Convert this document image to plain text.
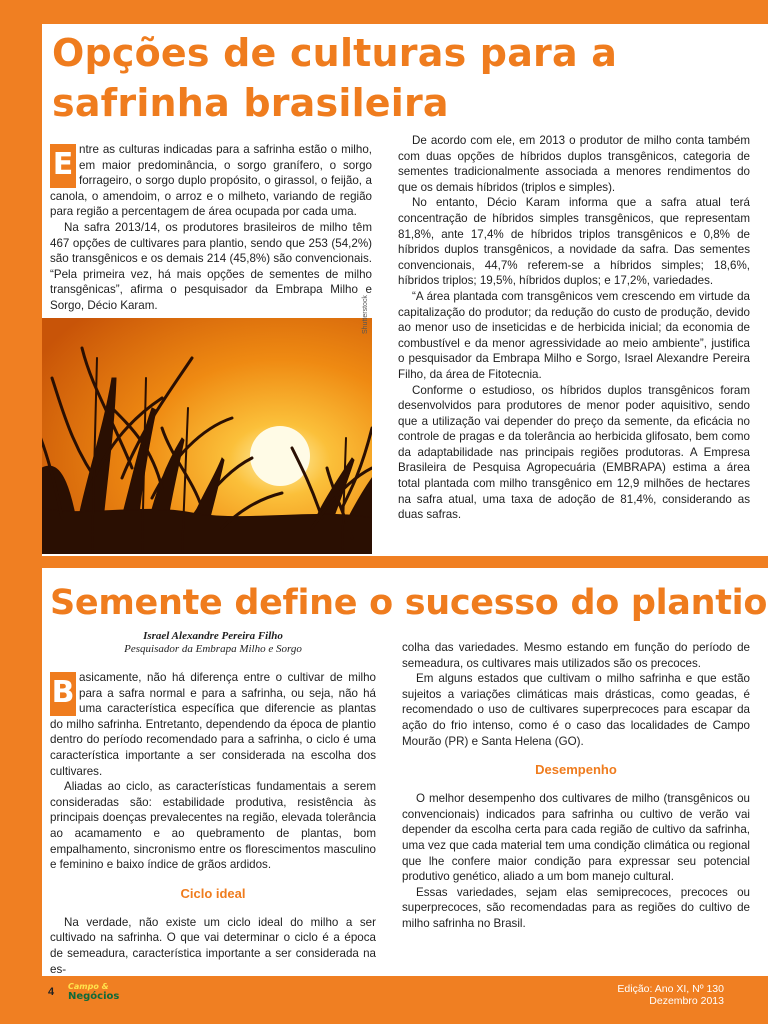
Opções de culturas para a safrinha brasileira

E ntre as culturas indicadas para a safrinha estão o milho, em maior predominância, o sorgo granífero, o sorgo forrageiro, o sorgo duplo propósito, o girassol, o feijão, a canola, o amendoim, o arroz e o milheto, variando de região para região a percentagem de área ocupada por cada uma.

Na safra 2013/14, os produtores brasileiros de milho têm 467 opções de cultivares para plantio, sendo que 253 (54,2%) são transgênicos e os demais 214 (45,8%) são convencionais. “Pela primeira vez, há mais opções de sementes de milho transgênicas”, afirma o pesquisador da Embrapa Milho e Sorgo, Décio Karam.	Shutterstock

De acordo com ele, em 2013 o produtor de milho conta também com duas opções de híbridos duplos transgênicos, categoria de sementes tradicionalmente associada a menores rendimentos do que os demais híbridos (triplos e simples).

No entanto, Décio Karam informa que a safra atual terá concentração de híbridos simples transgênicos, que representam 81,8%, ante 17,4% de híbridos triplos transgênicos e 0,8% de híbridos duplos transgênicos, a novidade da safra. Das sementes convencionais, 44,7% referem-se a híbridos simples; 18,6%, híbridos triplos; 19,5%, híbridos duplos; e 17,2%, variedades.

“A área plantada com transgênicos vem crescendo em virtude da capitalização do produtor; da redução do custo de produção, devido ao menor uso de inseticidas e de herbicida inicial; da economia de combustível e da menor agressividade ao meio ambiente”, justifica o pesquisador da Embrapa Milho e Sorgo, Israel Alexandre Pereira Filho, da área de Fitotecnia.

Conforme o estudioso, os híbridos duplos transgênicos foram desenvolvidos para produtores de menor poder aquisitivo, sendo que a utilização vai depender do preço da semente, da eficácia no controle de pragas e da tolerância ao herbicida glifosato, bem como da adaptabilidade nas principais regiões produtoras. A Empresa Brasileira de Pesquisa Agropecuária (EMBRAPA) estima a área total plantada com milho transgênico em 12,9 milhões de hectares na safra atual, uma taxa de adoção de 81,4%, considerando as duas safras.

Semente define o sucesso do plantio
Israel Alexandre Pereira Filho
Pesquisador da Embrapa Milho e Sorgo

B asicamente, não há diferença entre o cultivar de milho para a safra normal e para a safrinha, ou seja, não há uma característica específica que diferencie as plantas do milho safrinha. Entretanto, dependendo da época de plantio dentro do período recomendado para a safrinha, o ciclo é uma característica importante a ser considerada na escolha dos cultivares.

Aliadas ao ciclo, as características fundamentais a serem consideradas são: estabilidade produtiva, resistência às principais doenças prevalecentes na região, elevada tolerância ao acamamento e ao quebramento de plantas, bom empalhamento, sincronismo entre os florescimentos masculino e feminino e baixo índice de grãos ardidos.

Ciclo ideal

Na verdade, não existe um ciclo ideal do milho a ser cultivado na safrinha. O que vai determinar o ciclo é a época de semeadura, característica importante a ser considerada na es-

colha das variedades. Mesmo estando em função do período de semeadura, os cultivares mais utilizados são os precoces.

Em alguns estados que cultivam o milho safrinha e que estão sujeitos a variações climáticas mais drásticas, como geadas, é recomendado o uso de cultivares superprecoces para escapar da ação do frio intenso, como é o caso das localidades de Campo Mourão (PR) e Santa Helena (GO).

Desempenho

O melhor desempenho dos cultivares de milho (transgênicos ou convencionais) indicados para safrinha ou cultivo de verão vai depender da escolha certa para cada região de cultivo da safrinha, uma vez que cada material tem uma condição climática ou regional que lhe confere maior condição para expressar seu potencial produtivo genético, aliado a um bom manejo cultural.

Essas variedades, sejam elas semiprecoces, precoces ou superprecoces, são recomendadas para as regiões do cultivo de milho safrinha no Brasil.

4 Campo &
Negócios
Edição: Ano XI, Nº 130
Dezembro 2013
